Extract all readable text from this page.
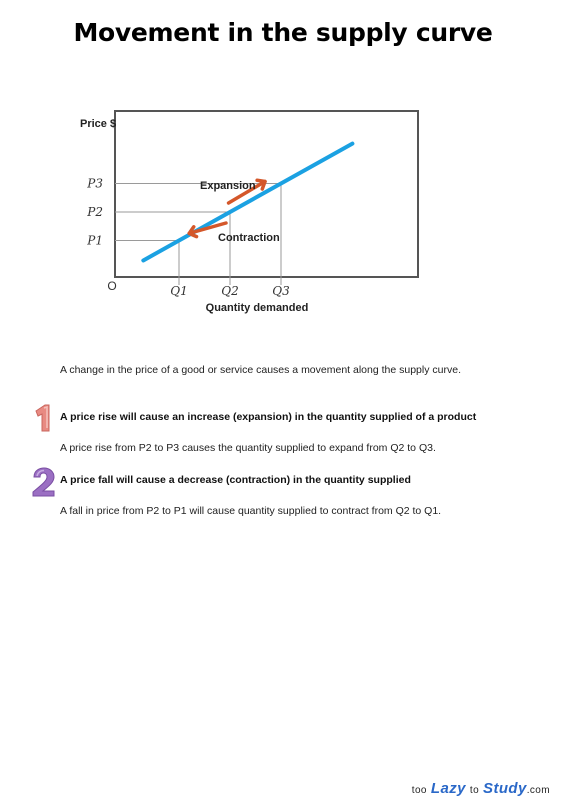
Movement in the supply curve
P1
P2
P3
Q1	Q2	Q3
Price $
Quantity demanded
O
Expansion
Contraction
A change in the price of a good or service causes a movement along the supply curve.
A price rise will cause an increase (expansion) in the quantity supplied of a product
A price rise from P2 to P3 causes the quantity supplied to expand from Q2 to Q3.
A price fall will cause a decrease (contraction) in the quantity supplied
A fall in price from P2 to P1 will cause quantity supplied to contract from Q2 to Q1.
too Lazy to Study.com
